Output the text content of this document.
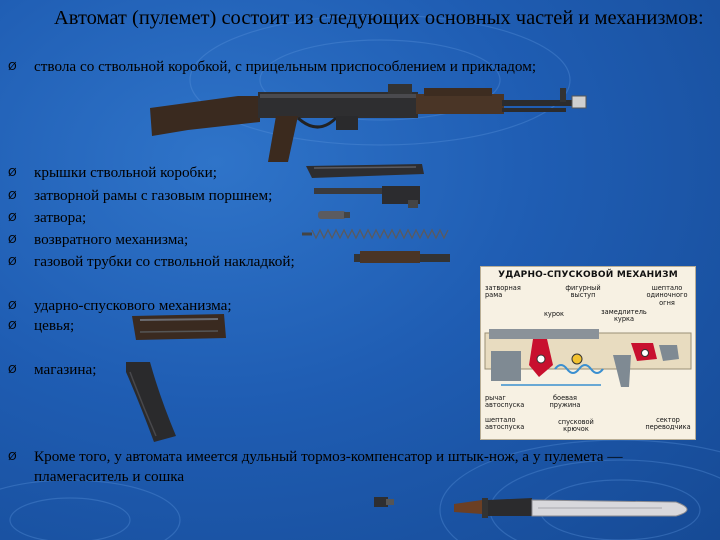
Автомат (пулемет) состоит из следующих основных частей и механизмов:
Ø ствола со ствольной коробкой, с прицельным приспособлением и прикладом;
Ø крышки ствольной коробки;
Ø затворной рамы с газовым поршнем;
Ø затвора;
Ø возвратного механизма;
Ø газовой трубки со ствольной накладкой;
Ø ударно-спускового механизма;
Ø цевья;
Ø магазина;
Ø Кроме того, у автомата имеется дульный тормоз-компенсатор и штык-нож, а у пулемета — пламегаситель и сошка
УДАРНО-СПУСКОВОЙ МЕХАНИЗМ
затворная рама
фигурный выступ
шепталo одиночного огня
курок	замедлитель курка
рычаг автоспуска
боевая пружина
шептало автоспуска
спусковой крючок
сектор переводчика
